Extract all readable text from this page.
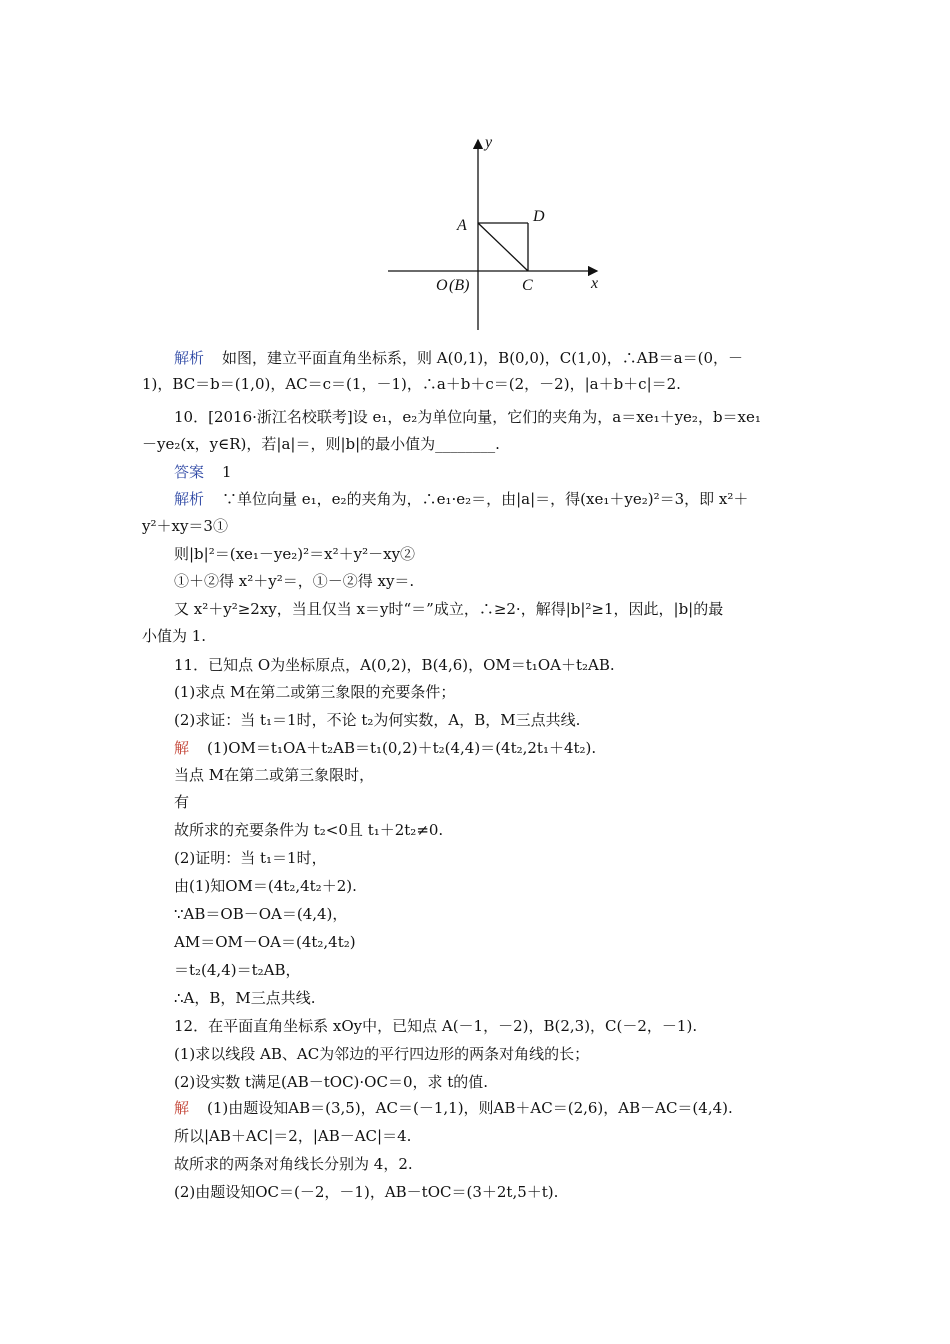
y
x
A
D
O (B)	C
解析 如图，建立平面直角坐标系，则 A(0,1)，B(0,0)，C(1,0)，∴AB＝a＝(0，－
1)，BC＝b＝(1,0)，AC＝c＝(1，－1)，∴a＋b＋c＝(2，－2)，|a＋b＋c|＝2.
10．[2016·浙江名校联考]设 e₁，e₂为单位向量，它们的夹角为，a＝xe₁＋ye₂，b＝xe₁
－ye₂(x，y∈R)，若|a|＝，则|b|的最小值为________.
答案 1
解析 ∵单位向量 e₁，e₂的夹角为，∴e₁·e₂＝，由|a|＝，得(xe₁＋ye₂)²＝3，即 x²＋
y²＋xy＝3①
则|b|²＝(xe₁－ye₂)²＝x²＋y²－xy②
①＋②得 x²＋y²＝，①－②得 xy＝.
又 x²＋y²≥2xy，当且仅当 x＝y时“＝”成立，∴≥2·，解得|b|²≥1，因此，|b|的最
小值为 1.
11．已知点 O为坐标原点，A(0,2)，B(4,6)，OM＝t₁OA＋t₂AB.
(1)求点 M在第二或第三象限的充要条件；
(2)求证：当 t₁＝1时，不论 t₂为何实数，A，B，M三点共线.
解 (1)OM＝t₁OA＋t₂AB＝t₁(0,2)＋t₂(4,4)＝(4t₂,2t₁＋4t₂).
当点 M在第二或第三象限时，
有
故所求的充要条件为 t₂<0且 t₁＋2t₂≠0.
(2)证明：当 t₁＝1时，
由(1)知OM＝(4t₂,4t₂＋2).
∵AB＝OB－OA＝(4,4)，
AM＝OM－OA＝(4t₂,4t₂)
＝t₂(4,4)＝t₂AB，
∴A，B，M三点共线.
12．在平面直角坐标系 xOy中，已知点 A(－1，－2)，B(2,3)，C(－2，－1).
(1)求以线段 AB、AC为邻边的平行四边形的两条对角线的长；
(2)设实数 t满足(AB－tOC)·OC＝0，求 t的值.
解 (1)由题设知AB＝(3,5)，AC＝(－1,1)，则AB＋AC＝(2,6)，AB－AC＝(4,4).
所以|AB＋AC|＝2，|AB－AC|＝4.
故所求的两条对角线长分别为 4，2.
(2)由题设知OC＝(－2，－1)，AB－tOC＝(3＋2t,5＋t).
